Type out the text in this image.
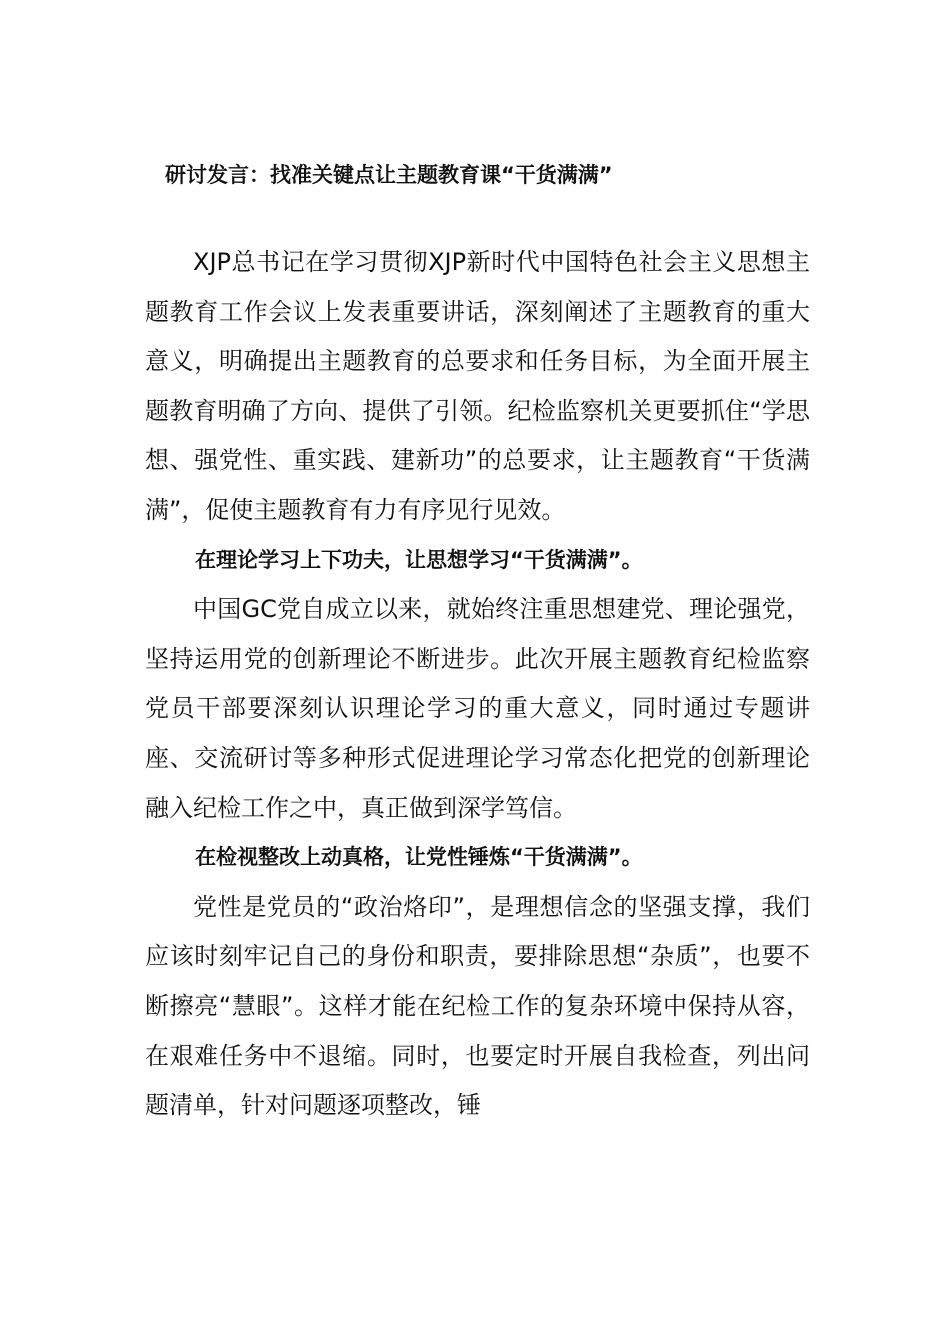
研讨发言：找准关键点让主题教育课“干货满满”

XJP总书记在学习贯彻XJP新时代中国特色社会主义思想主题教育工作会议上发表重要讲话，深刻阐述了主题教育的重大意义，明确提出主题教育的总要求和任务目标，为全面开展主题教育明确了方向、提供了引领。纪检监察机关更要抓住“学思想、强党性、重实践、建新功”的总要求，让主题教育“干货满满”，促使主题教育有力有序见行见效。

在理论学习上下功夫，让思想学习“干货满满”。

中国GC党自成立以来，就始终注重思想建党、理论强党，坚持运用党的创新理论不断进步。此次开展主题教育纪检监察党员干部要深刻认识理论学习的重大意义，同时通过专题讲座、交流研讨等多种形式促进理论学习常态化把党的创新理论融入纪检工作之中，真正做到深学笃信。

在检视整改上动真格，让党性锤炼“干货满满”。

党性是党员的“政治烙印”，是理想信念的坚强支撑，我们应该时刻牢记自己的身份和职责，要排除思想“杂质”，也要不断擦亮“慧眼”。这样才能在纪检工作的复杂环境中保持从容，在艰难任务中不退缩。同时，也要定时开展自我检查，列出问题清单，针对问题逐项整改，锤
